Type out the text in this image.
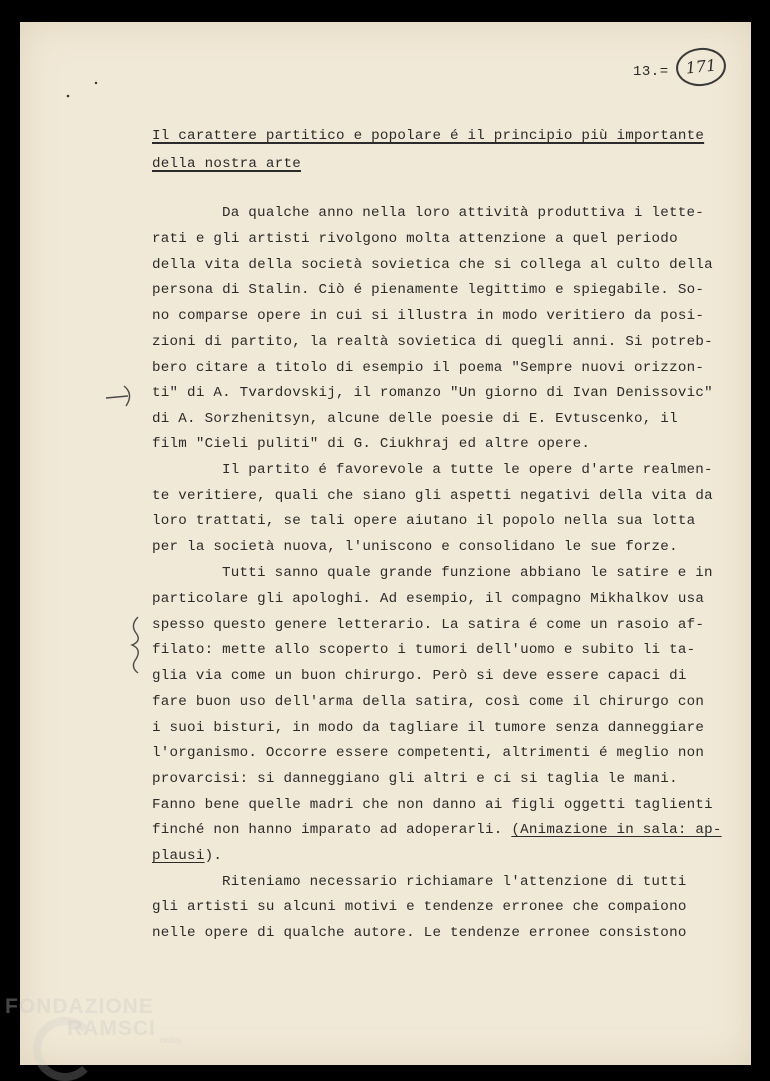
13.=	171
Il carattere partitico e popolare é il principio più importante
della nostra arte
Da qualche anno nella loro attività produttiva i lette-
rati e gli artisti rivolgono molta attenzione a quel periodo
della vita della società sovietica che si collega al culto della
persona di Stalin. Ciò é pienamente legittimo e spiegabile. So-
no comparse opere in cui si illustra in modo veritiero da posi-
zioni di partito, la realtà sovietica di quegli anni. Si potreb-
bero citare a titolo di esempio il poema "Sempre nuovi orizzon-
ti" di A. Tvardovskij, il romanzo "Un giorno di Ivan Denissovic"
di A. Sorzhenitsyn, alcune delle poesie di E. Evtuscenko, il
film "Cieli puliti" di G. Ciukhraj ed altre opere.
Il partito é favorevole a tutte le opere d'arte realmen-
te veritiere, quali che siano gli aspetti negativi della vita da
loro trattati, se tali opere aiutano il popolo nella sua lotta
per la società nuova, l'uniscono e consolidano le sue forze.
Tutti sanno quale grande funzione abbiano le satire e in
particolare gli apologhi. Ad esempio, il compagno Mikhalkov usa
spesso questo genere letterario. La satira é come un rasoio af-
filato: mette allo scoperto i tumori dell'uomo e subito li ta-
glia via come un buon chirurgo. Però si deve essere capaci di
fare buon uso dell'arma della satira, così come il chirurgo con
i suoi bisturi, in modo da tagliare il tumore senza danneggiare
l'organismo. Occorre essere competenti, altrimenti é meglio non
provarcisi: si danneggiano gli altri e ci si taglia le mani.
Fanno bene quelle madri che non danno ai figli oggetti taglienti
finché non hanno imparato ad adoperarli. (Animazione in sala: ap-
plausi).
Riteniamo necessario richiamare l'attenzione di tutti
gli artisti su alcuni motivi e tendenze erronee che compaiono
nelle opere di qualche autore. Le tendenze erronee consistono
FONDAZIONE
RAMSCI onlus
